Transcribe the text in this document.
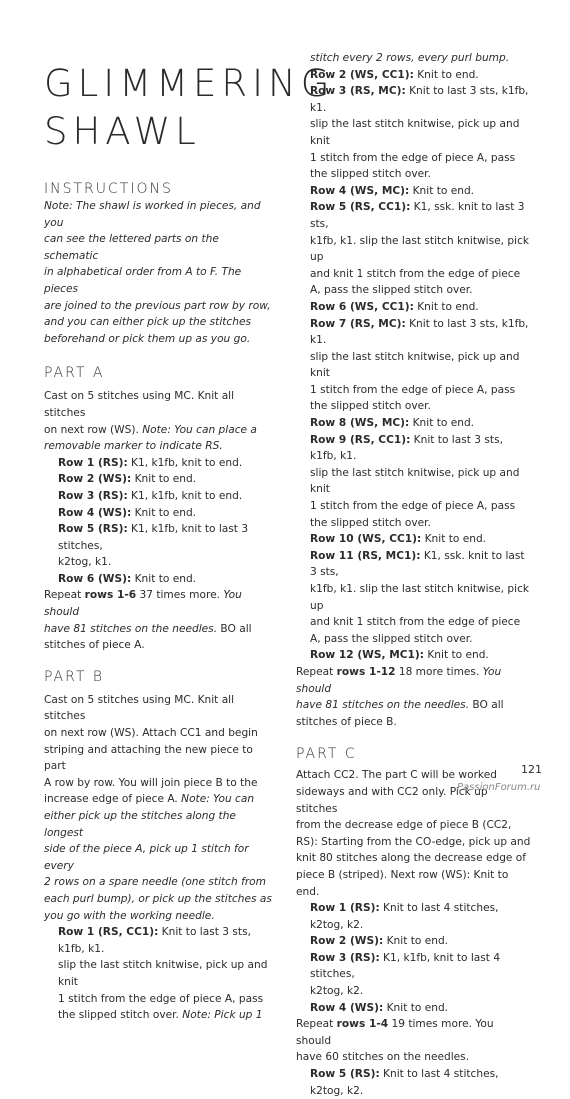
GLIMMERING
SHAWL
INSTRUCTIONS

Note: The shawl is worked in pieces, and you

can see the lettered parts on the schematic

in alphabetical order from A to F. The pieces

are joined to the previous part row by row,

and you can either pick up the stitches

beforehand or pick them up as you go.

PART A

Cast on 5 stitches using MC. Knit all stitches

on next row (WS). Note: You can place a

removable marker to indicate RS.

Row 1 (RS): K1, k1fb, knit to end.

Row 2 (WS): Knit to end.

Row 3 (RS): K1, k1fb, knit to end.

Row 4 (WS): Knit to end.

Row 5 (RS): K1, k1fb, knit to last 3 stitches,

k2tog, k1.

Row 6 (WS): Knit to end.

Repeat rows 1-6 37 times more. You should

have 81 stitches on the needles. BO all

stitches of piece A.

PART B

Cast on 5 stitches using MC. Knit all stitches

on next row (WS). Attach CC1 and begin

striping and attaching the new piece to part

A row by row. You will join piece B to the

increase edge of piece A. Note: You can

either pick up the stitches along the longest

side of the piece A, pick up 1 stitch for every

2 rows on a spare needle (one stitch from

each purl bump), or pick up the stitches as

you go with the working needle.

Row 1 (RS, CC1): Knit to last 3 sts, k1fb, k1.

slip the last stitch knitwise, pick up and knit

1 stitch from the edge of piece A, pass

the slipped stitch over. Note: Pick up 1

stitch every 2 rows, every purl bump.

Row 2 (WS, CC1): Knit to end.

Row 3 (RS, MC): Knit to last 3 sts, k1fb, k1.

slip the last stitch knitwise, pick up and knit

1 stitch from the edge of piece A, pass

the slipped stitch over.

Row 4 (WS, MC): Knit to end.

Row 5 (RS, CC1): K1, ssk. knit to last 3 sts,

k1fb, k1. slip the last stitch knitwise, pick up

and knit 1 stitch from the edge of piece

A, pass the slipped stitch over.

Row 6 (WS, CC1): Knit to end.

Row 7 (RS, MC): Knit to last 3 sts, k1fb, k1.

slip the last stitch knitwise, pick up and knit

1 stitch from the edge of piece A, pass

the slipped stitch over.

Row 8 (WS, MC): Knit to end.

Row 9 (RS, CC1): Knit to last 3 sts, k1fb, k1.

slip the last stitch knitwise, pick up and knit

1 stitch from the edge of piece A, pass

the slipped stitch over.

Row 10 (WS, CC1): Knit to end.

Row 11 (RS, MC1): K1, ssk. knit to last 3 sts,

k1fb, k1. slip the last stitch knitwise, pick up

and knit 1 stitch from the edge of piece

A, pass the slipped stitch over.

Row 12 (WS, MC1): Knit to end.

Repeat rows 1-12 18 more times. You should

have 81 stitches on the needles. BO all

stitches of piece B.

PART C

Attach CC2. The part C will be worked

sideways and with CC2 only. Pick up stitches

from the decrease edge of piece B (CC2,

RS): Starting from the CO-edge, pick up and

knit 80 stitches along the decrease edge of

piece B (striped). Next row (WS): Knit to end.

Row 1 (RS): Knit to last 4 stitches, k2tog, k2.

Row 2 (WS): Knit to end.

Row 3 (RS): K1, k1fb, knit to last 4 stitches,

k2tog, k2.

Row 4 (WS): Knit to end.

Repeat rows 1-4 19 times more. You should

have 60 stitches on the needles.

Row 5 (RS): Knit to last 4 stitches, k2tog, k2.

121
PassionForum.ru
